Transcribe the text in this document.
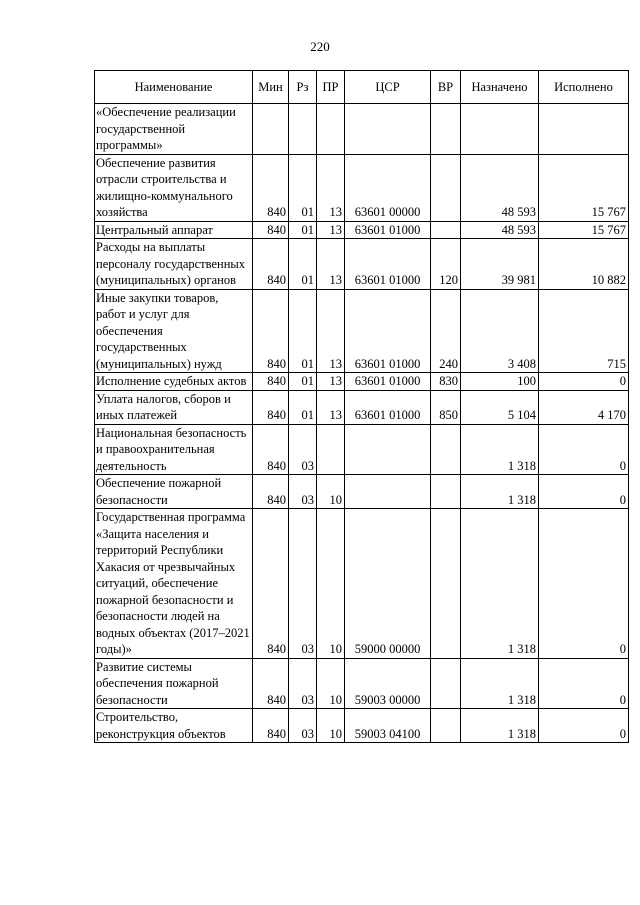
220
Наименование	Мин	Рз	ПР	ЦСР	ВР	Назначено	Исполнено
«Обеспечение реализации государственной программы»							
Обеспечение развития отрасли строительства и жилищно-коммунального хозяйства	840	01	13	63601 00000		48 593	15 767
Центральный аппарат	840	01	13	63601 01000		48 593	15 767
Расходы на выплаты персоналу государственных (муниципальных) органов	840	01	13	63601 01000	120	39 981	10 882
Иные закупки товаров, работ и услуг для обеспечения государственных (муниципальных) нужд	840	01	13	63601 01000	240	3 408	715
Исполнение судебных актов	840	01	13	63601 01000	830	100	0
Уплата налогов, сборов и иных платежей	840	01	13	63601 01000	850	5 104	4 170
Национальная безопасность и правоохранительная деятельность	840	03				1 318	0
Обеспечение пожарной безопасности	840	03	10			1 318	0
Государственная программа «Защита населения и территорий Республики Хакасия от чрезвычайных ситуаций, обеспечение пожарной безопасности и безопасности людей на водных объектах (2017–2021 годы)»	840	03	10	59000 00000		1 318	0
Развитие системы обеспечения пожарной безопасности	840	03	10	59003 00000		1 318	0
Строительство, реконструкция объектов	840	03	10	59003 04100		1 318	0
